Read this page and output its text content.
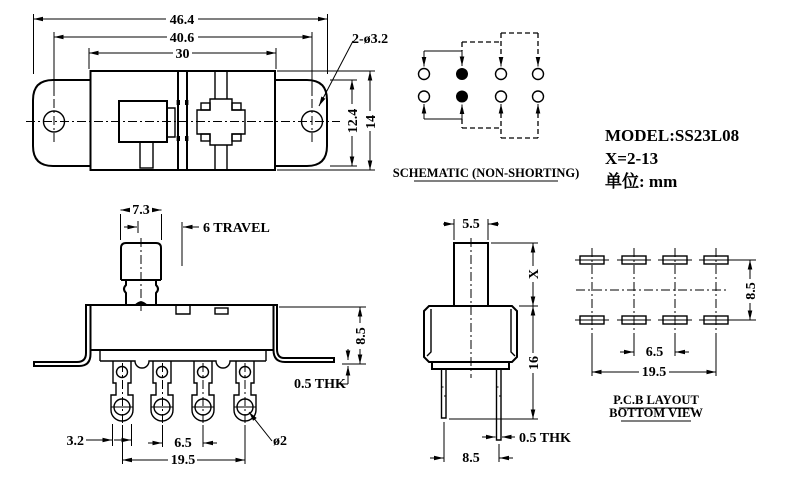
46.4
40.6
30
12.4 14
2-ø3.2
SCHEMATIC (NON-SHORTING)
MODEL:SS23L08
X=2-13
单位: mm
7.3
6 TRAVEL
8.5
0.5 THK
3.2	6.5
19.5
ø2
5.5
X
16
0.5 THK
8.5
8.5
6.5
19.5
P.C.B LAYOUT
BOTTOM VIEW
